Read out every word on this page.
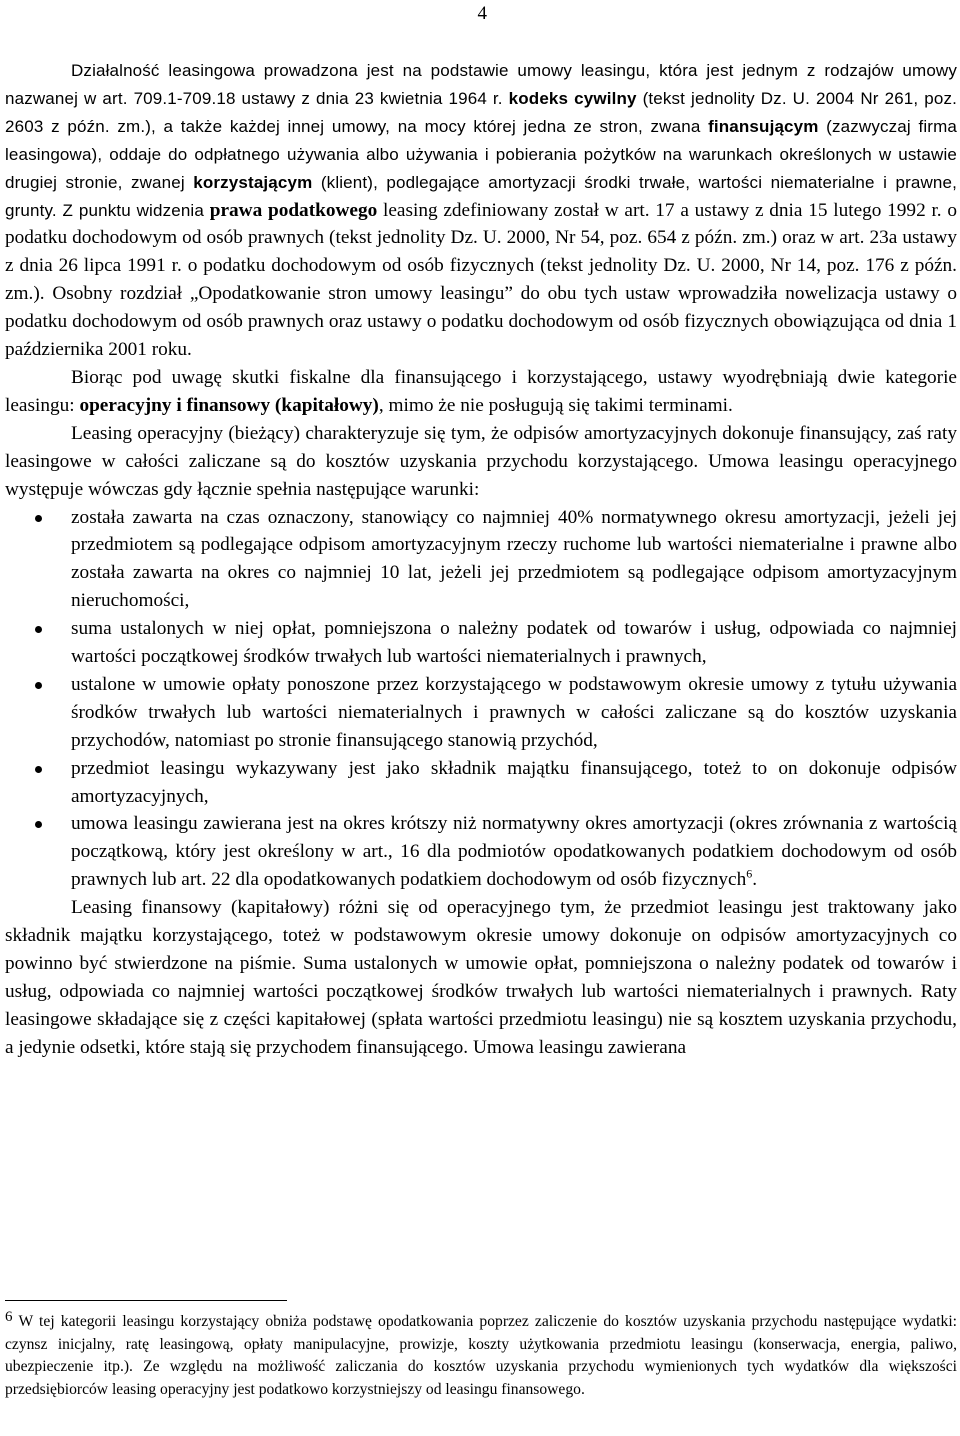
4

Działalność leasingowa prowadzona jest na podstawie umowy leasingu, która jest jednym z rodzajów umowy nazwanej w art. 709.1-709.18 ustawy z dnia 23 kwietnia 1964 r. kodeks cywilny (tekst jednolity Dz. U. 2004 Nr 261, poz. 2603 z późn. zm.), a także każdej innej umowy, na mocy której jedna ze stron, zwana finansującym (zazwyczaj firma leasingowa), oddaje do odpłatnego używania albo używania i pobierania pożytków na warunkach określonych w ustawie drugiej stronie, zwanej korzystającym (klient), podlegające amortyzacji środki trwałe, wartości niematerialne i prawne, grunty. Z punktu widzenia prawa podatkowego leasing zdefiniowany został w art. 17 a ustawy z dnia 15 lutego 1992 r. o podatku dochodowym od osób prawnych (tekst jednolity Dz. U. 2000, Nr 54, poz. 654 z późn. zm.) oraz w art. 23a ustawy z dnia 26 lipca 1991 r. o podatku dochodowym od osób fizycznych (tekst jednolity Dz. U. 2000, Nr 14, poz. 176 z późn. zm.). Osobny rozdział „Opodatkowanie stron umowy leasingu” do obu tych ustaw wprowadziła nowelizacja ustawy o podatku dochodowym od osób prawnych oraz ustawy o podatku dochodowym od osób fizycznych obowiązująca od dnia 1 października 2001 roku.

Biorąc pod uwagę skutki fiskalne dla finansującego i korzystającego, ustawy wyodrębniają dwie kategorie leasingu: operacyjny i finansowy (kapitałowy), mimo że nie posługują się takimi terminami.

Leasing operacyjny (bieżący) charakteryzuje się tym, że odpisów amortyzacyjnych dokonuje finansujący, zaś raty leasingowe w całości zaliczane są do kosztów uzyskania przychodu korzystającego. Umowa leasingu operacyjnego występuje wówczas gdy łącznie spełnia następujące warunki:

została zawarta na czas oznaczony, stanowiący co najmniej 40% normatywnego okresu amortyzacji, jeżeli jej przedmiotem są podlegające odpisom amortyzacyjnym rzeczy ruchome lub wartości niematerialne i prawne albo została zawarta na okres co najmniej 10 lat, jeżeli jej przedmiotem są podlegające odpisom amortyzacyjnym nieruchomości,
suma ustalonych w niej opłat, pomniejszona o należny podatek od towarów i usług, odpowiada co najmniej wartości początkowej środków trwałych lub wartości niematerialnych i prawnych,
ustalone w umowie opłaty ponoszone przez korzystającego w podstawowym okresie umowy z tytułu używania środków trwałych lub wartości niematerialnych i prawnych w całości zaliczane są do kosztów uzyskania przychodów, natomiast po stronie finansującego stanowią przychód,
przedmiot leasingu wykazywany jest jako składnik majątku finansującego, toteż to on dokonuje odpisów amortyzacyjnych,
umowa leasingu zawierana jest na okres krótszy niż normatywny okres amortyzacji (okres zrównania z wartością początkową, który jest określony w art., 16 dla podmiotów opodatkowanych podatkiem dochodowym od osób prawnych lub art. 22 dla opodatkowanych podatkiem dochodowym od osób fizycznych$^6$.

Leasing finansowy (kapitałowy) różni się od operacyjnego tym, że przedmiot leasingu jest traktowany jako składnik majątku korzystającego, toteż w podstawowym okresie umowy dokonuje on odpisów amortyzacyjnych co powinno być stwierdzone na piśmie. Suma ustalonych w umowie opłat, pomniejszona o należny podatek od towarów i usług, odpowiada co najmniej wartości początkowej środków trwałych lub wartości niematerialnych i prawnych. Raty leasingowe składające się z części kapitałowej (spłata wartości przedmiotu leasingu) nie są kosztem uzyskania przychodu, a jedynie odsetki, które stają się przychodem finansującego. Umowa leasingu zawierana

6 W tej kategorii leasingu korzystający obniża podstawę opodatkowania poprzez zaliczenie do kosztów uzyskania przychodu następujące wydatki: czynsz inicjalny, ratę leasingową, opłaty manipulacyjne, prowizje, koszty użytkowania przedmiotu leasingu (konserwacja, energia, paliwo, ubezpieczenie itp.). Ze względu na możliwość zaliczania do kosztów uzyskania przychodu wymienionych tych wydatków dla większości przedsiębiorców leasing operacyjny jest podatkowo korzystniejszy od leasingu finansowego.
